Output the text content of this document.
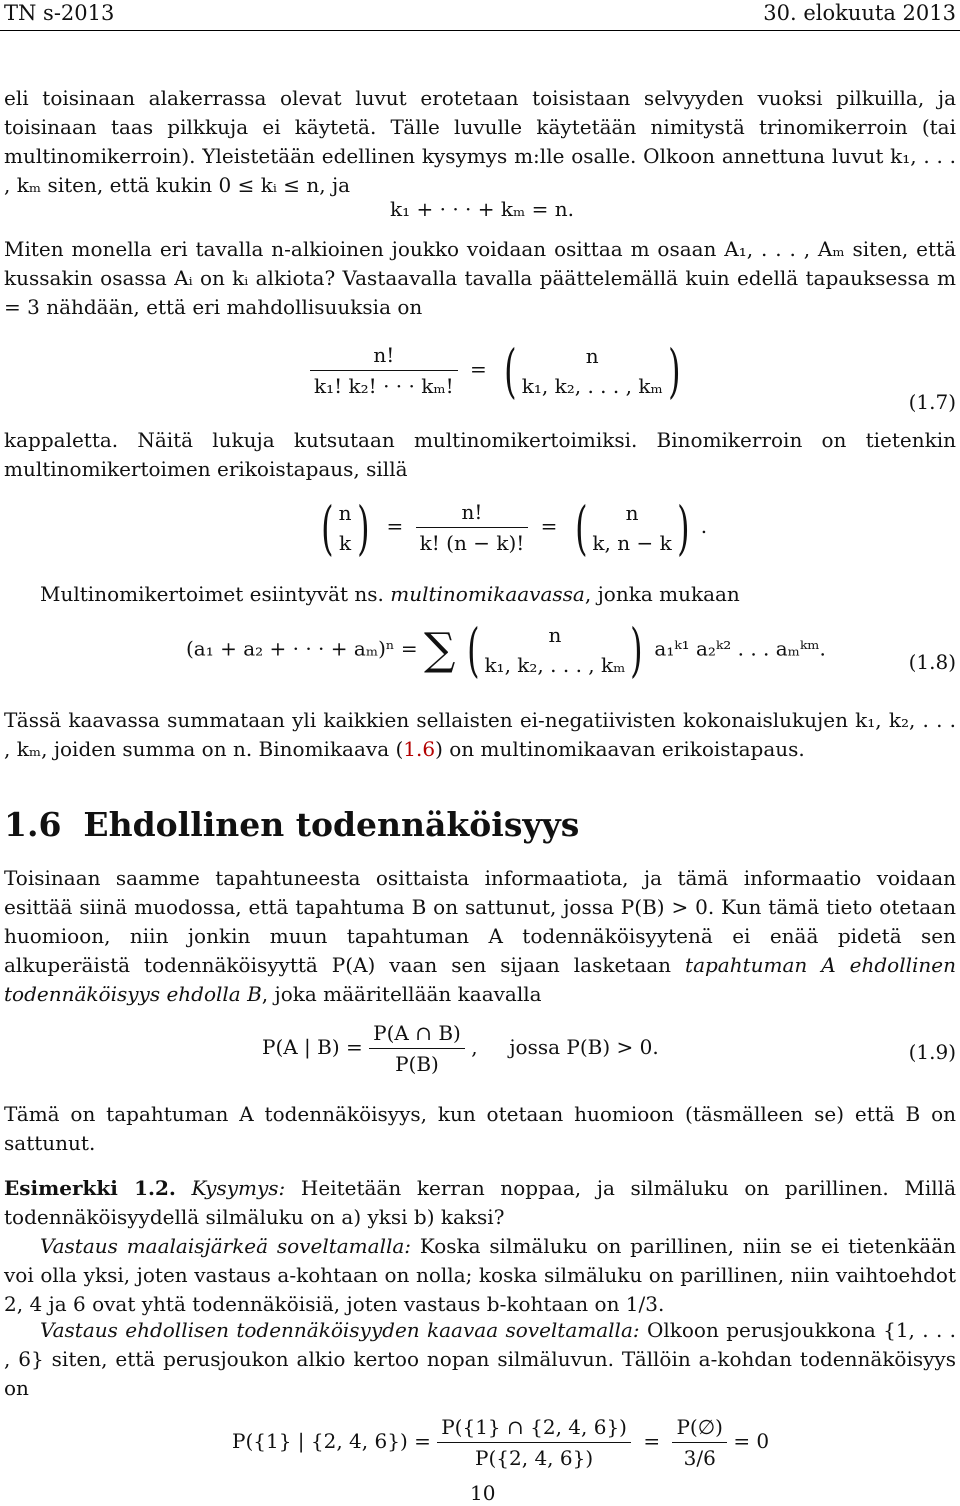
TN s-2013	30. elokuuta 2013

eli toisinaan alakerrassa olevat luvut erotetaan toisistaan selvyyden vuoksi pilkuilla, ja toisinaan taas pilkkuja ei käytetä. Tälle luvulle käytetään nimitystä trinomikerroin (tai multinomikerroin). Yleistetään edellinen kysymys m:lle osalle. Olkoon annettuna luvut k₁, . . . , kₘ siten, että kukin 0 ≤ kᵢ ≤ n, ja

k₁ + · · · + kₘ = n.

Miten monella eri tavalla n-alkioinen joukko voidaan osittaa m osaan A₁, . . . , Aₘ siten, että kussakin osassa Aᵢ on kᵢ alkiota? Vastaavalla tavalla päättelemällä kuin edellä tapauksessa m = 3 nähdään, että eri mahdollisuuksia on

$\frac{n!}{\text{k₁! k₂! · · · kₘ!}}$ = (	n
k₁, k₂, . . . , kₘ )	(1.7)

kappaletta. Näitä lukuja kutsutaan multinomikertoimiksi. Binomikerroin on tietenkin multinomikertoimen erikoistapaus, sillä

( n
k ) = $\frac{n!}{k! (n - k)!}$ = (	n
k, n − k ) .

Multinomikertoimet esiintyvät ns. multinomikaavassa, jonka mukaan

(a₁ + a₂ + · · · + aₘ)ⁿ = ∑ (	n
k₁, k₂, . . . , kₘ ) a₁ᵏ¹ a₂ᵏ² . . . aₘᵏᵐ.
(1.8)

Tässä kaavassa summataan yli kaikkien sellaisten ei-negatiivisten kokonaislukujen k₁, k₂, . . . , kₘ, joiden summa on n. Binomikaava (1.6) on multinomikaavan erikoistapaus.

1.6 Ehdollinen todennäköisyys

Toisinaan saamme tapahtuneesta osittaista informaatiota, ja tämä informaatio voidaan esittää siinä muodossa, että tapahtuma B on sattunut, jossa P(B) > 0. Kun tämä tieto otetaan huomioon, niin jonkin muun tapahtuman A todennäköisyytenä ei enää pidetä sen alkuperäistä todennäköisyyttä P(A) vaan sen sijaan lasketaan tapahtuman A ehdollinen todennäköisyys ehdolla B, joka määritellään kaavalla

P(A | $B) = \frac{P(A \cap B)}{P(B)}$ ,     jossa P(B) > 0.	(1.9)

Tämä on tapahtuman A todennäköisyys, kun otetaan huomioon (täsmälleen se) että B on sattunut.

Esimerkki 1.2. Kysymys: Heitetään kerran noppaa, ja silmäluku on parillinen. Millä todennäköisyydellä silmäluku on a) yksi b) kaksi?

Vastaus maalaisjärkeä soveltamalla: Koska silmäluku on parillinen, niin se ei tietenkään voi olla yksi, joten vastaus a-kohtaan on nolla; koska silmäluku on parillinen, niin vaihtoehdot 2, 4 ja 6 ovat yhtä todennäköisiä, joten vastaus b-kohtaan on 1/3.

Vastaus ehdollisen todennäköisyyden kaavaa soveltamalla: Olkoon perusjoukkona {1, . . . , 6} siten, että perusjoukon alkio kertoo nopan silmäluvun. Tällöin a-kohdan todennäköisyys on

P({1} | {2, 4, $6\}) = \frac{P(\{1\} \cap \{2, 4, 6\})}{P(\{2, 4, 6\})} = \frac{P(\emptyset)}{3/6} = 0$
10
